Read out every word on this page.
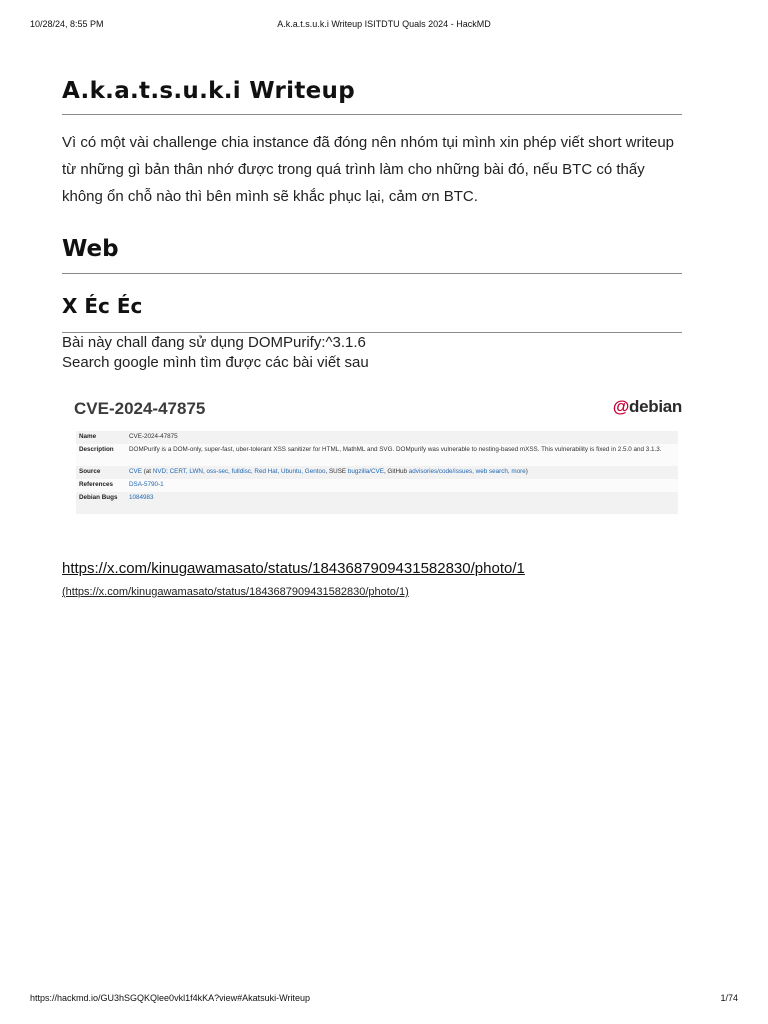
10/28/24, 8:55 PM	A.k.a.t.s.u.k.i Writeup ISITDTU Quals 2024 - HackMD
A.k.a.t.s.u.k.i Writeup

Vì có một vài challenge chia instance đã đóng nên nhóm tụi mình xin phép viết short writeup từ những gì bản thân nhớ được trong quá trình làm cho những bài đó, nếu BTC có thấy không ổn chỗ nào thì bên mình sẽ khắc phục lại, cảm ơn BTC.

Web
X Éc Éc

Bài này chall đang sử dụng DOMPurify:^3.1.6

Search google mình tìm được các bài viết sau

CVE-2024-47875	@debian
Name	CVE-2024-47875
Description	DOMPurify is a DOM-only, super-fast, uber-tolerant XSS sanitizer for HTML, MathML and SVG. DOMpurify was vulnerable to nesting-based mXSS. This vulnerability is fixed in 2.5.0 and 3.1.3.
Source	CVE (at NVD; CERT, LWN, oss-sec, fulldisc, Red Hat, Ubuntu, Gentoo, SUSE bugzilla/CVE, GitHub advisories/code/issues, web search, more)
References	DSA-5790-1
Debian Bugs	1084983
https://x.com/kinugawamasato/status/1843687909431582830/photo/1
(https://x.com/kinugawamasato/status/1843687909431582830/photo/1)
https://hackmd.io/GU3hSGQKQlee0vkl1f4kKA?view#Akatsuki-Writeup	1/74
